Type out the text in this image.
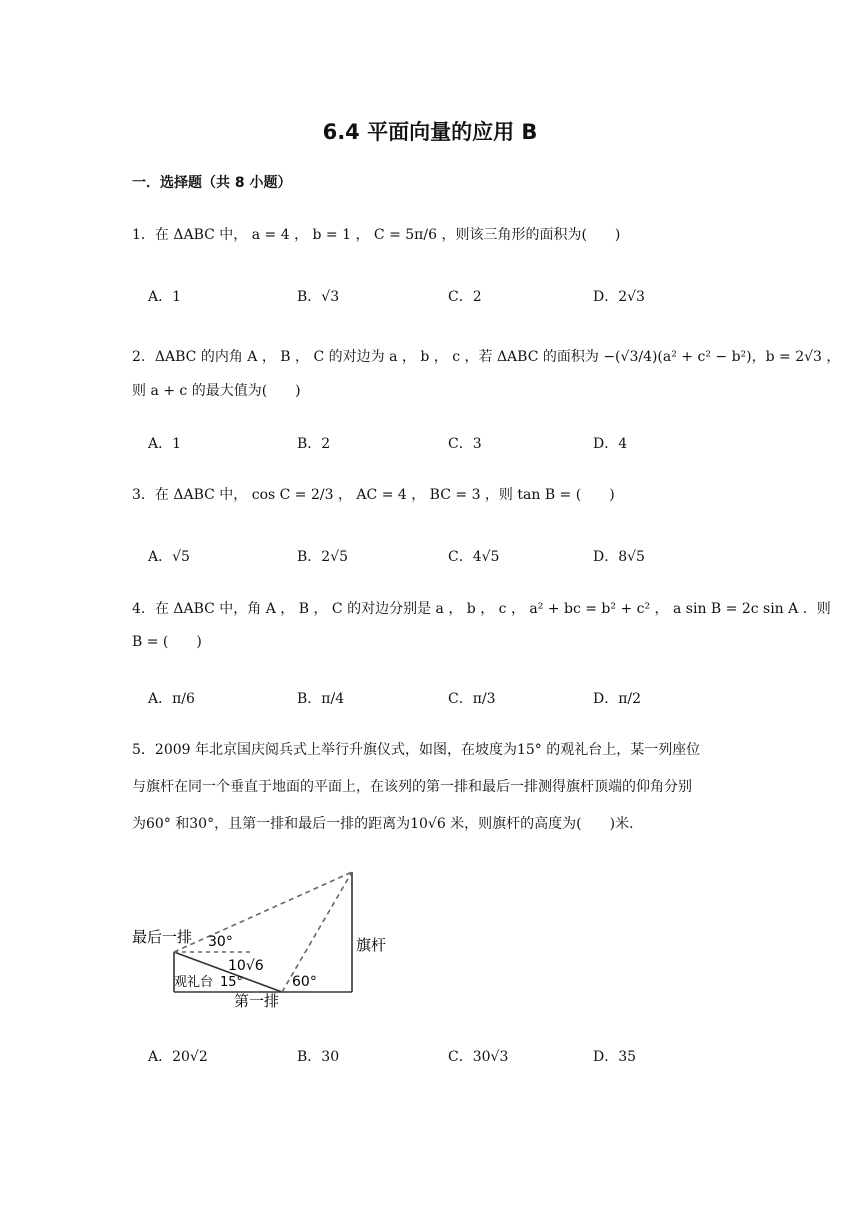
6.4 平面向量的应用 B
一．选择题（共 8 小题）
1．在 ΔABC 中， a = 4 ， b = 1 ， C = 5π/6 ，则该三角形的面积为(　　)
A．1	B．√3	C．2	D．2√3
2．ΔABC 的内角 A ， B ， C 的对边为 a ， b ， c ，若 ΔABC 的面积为 −(√3/4)(a² + c² − b²)，b = 2√3 ，
则 a + c 的最大值为(　　)
A．1	B．2	C．3	D．4
3．在 ΔABC 中， cos C = 2/3 ， AC = 4 ， BC = 3 ，则 tan B = (　　)
A．√5	B．2√5	C．4√5	D．8√5
4．在 ΔABC 中，角 A ， B ， C 的对边分别是 a ， b ， c ， a² + bc = b² + c² ， a sin B = 2c sin A ．则
B = (　　)
A．π/6	B．π/4	C．π/3	D．π/2
5．2009 年北京国庆阅兵式上举行升旗仪式，如图，在坡度为15° 的观礼台上，某一列座位
与旗杆在同一个垂直于地面的平面上，在该列的第一排和最后一排测得旗杆顶端的仰角分别
为60° 和30°，且第一排和最后一排的距离为10√6 米，则旗杆的高度为(　　)米．
最后一排 30°
10√6
观礼台 15°	60°
第一排
旗杆
A．20√2	B．30	C．30√3	D．35
